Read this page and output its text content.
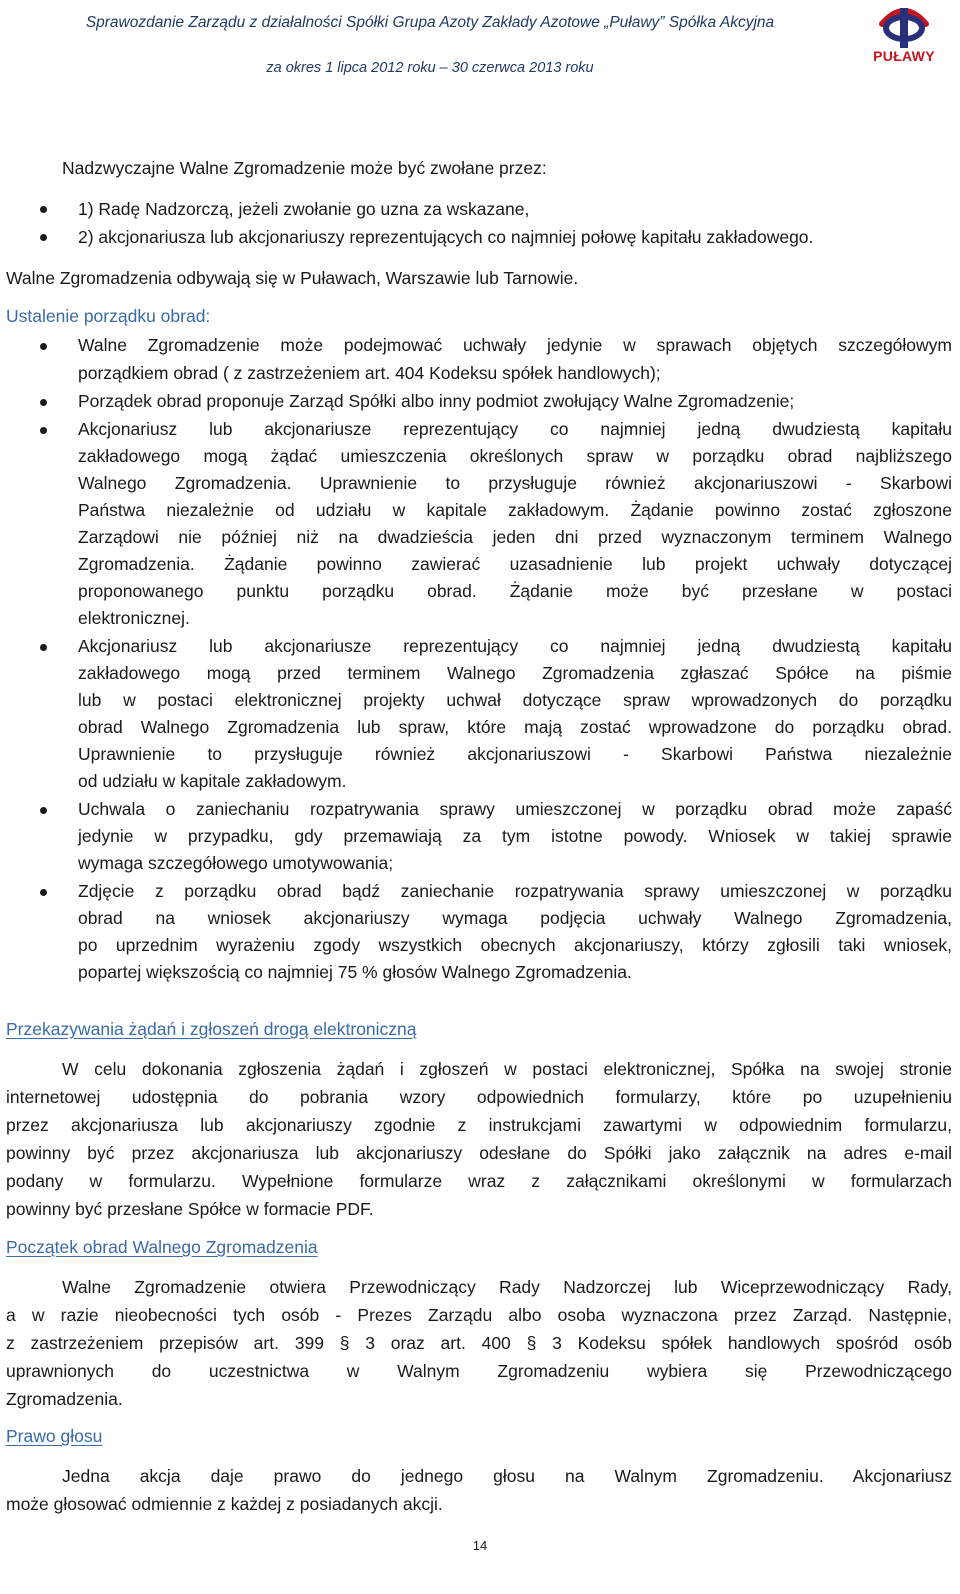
Sprawozdanie Zarządu z działalności Spółki Grupa Azoty Zakłady Azotowe „Puławy” Spółka Akcyjna
za okres 1 lipca 2012 roku – 30 czerwca 2013 roku
PUŁAWY
Nadzwyczajne Walne Zgromadzenie może być zwołane przez:
1) Radę Nadzorczą, jeżeli zwołanie go uzna za wskazane,
2) akcjonariusza lub akcjonariuszy reprezentujących co najmniej połowę kapitału zakładowego.
Walne Zgromadzenia odbywają się w Puławach, Warszawie lub Tarnowie.
Ustalenie porządku obrad:
Walne Zgromadzenie może podejmować uchwały jedynie w sprawach objętych szczegółowym
porządkiem obrad ( z zastrzeżeniem art. 404 Kodeksu spółek handlowych);
Porządek obrad proponuje Zarząd Spółki albo inny podmiot zwołujący Walne Zgromadzenie;
Akcjonariusz lub akcjonariusze reprezentujący co najmniej jedną dwudziestą kapitału
zakładowego mogą żądać umieszczenia określonych spraw w porządku obrad najbliższego
Walnego Zgromadzenia. Uprawnienie to przysługuje również akcjonariuszowi - Skarbowi
Państwa niezależnie od udziału w kapitale zakładowym. Żądanie powinno zostać zgłoszone
Zarządowi nie później niż na dwadzieścia jeden dni przed wyznaczonym terminem Walnego
Zgromadzenia. Żądanie powinno zawierać uzasadnienie lub projekt uchwały dotyczącej
proponowanego punktu porządku obrad. Żądanie może być przesłane w postaci
elektronicznej.
Akcjonariusz lub akcjonariusze reprezentujący co najmniej jedną dwudziestą kapitału
zakładowego mogą przed terminem Walnego Zgromadzenia zgłaszać Spółce na piśmie
lub w postaci elektronicznej projekty uchwał dotyczące spraw wprowadzonych do porządku
obrad Walnego Zgromadzenia lub spraw, które mają zostać wprowadzone do porządku obrad.
Uprawnienie to przysługuje również akcjonariuszowi - Skarbowi Państwa niezależnie
od udziału w kapitale zakładowym.
Uchwala o zaniechaniu rozpatrywania sprawy umieszczonej w porządku obrad może zapaść
jedynie w przypadku, gdy przemawiają za tym istotne powody. Wniosek w takiej sprawie
wymaga szczegółowego umotywowania;
Zdjęcie z porządku obrad bądź zaniechanie rozpatrywania sprawy umieszczonej w porządku
obrad na wniosek akcjonariuszy wymaga podjęcia uchwały Walnego Zgromadzenia,
po uprzednim wyrażeniu zgody wszystkich obecnych akcjonariuszy, którzy zgłosili taki wniosek,
popartej większością co najmniej 75 % głosów Walnego Zgromadzenia.
Przekazywania żądań i zgłoszeń drogą elektroniczną
W celu dokonania zgłoszenia żądań i zgłoszeń w postaci elektronicznej, Spółka na swojej stronie
internetowej udostępnia do pobrania wzory odpowiednich formularzy, które po uzupełnieniu
przez akcjonariusza lub akcjonariuszy zgodnie z instrukcjami zawartymi w odpowiednim formularzu,
powinny być przez akcjonariusza lub akcjonariuszy odesłane do Spółki jako załącznik na adres e-mail
podany w formularzu. Wypełnione formularze wraz z załącznikami określonymi w formularzach
powinny być przesłane Spółce w formacie PDF.
Początek obrad Walnego Zgromadzenia
Walne Zgromadzenie otwiera Przewodniczący Rady Nadzorczej lub Wiceprzewodniczący Rady,
a w razie nieobecności tych osób - Prezes Zarządu albo osoba wyznaczona przez Zarząd. Następnie,
z zastrzeżeniem przepisów art. 399 § 3 oraz art. 400 § 3 Kodeksu spółek handlowych spośród osób
uprawnionych do uczestnictwa w Walnym Zgromadzeniu wybiera się Przewodniczącego
Zgromadzenia.
Prawo głosu
Jedna akcja daje prawo do jednego głosu na Walnym Zgromadzeniu. Akcjonariusz
może głosować odmiennie z każdej z posiadanych akcji.
14
